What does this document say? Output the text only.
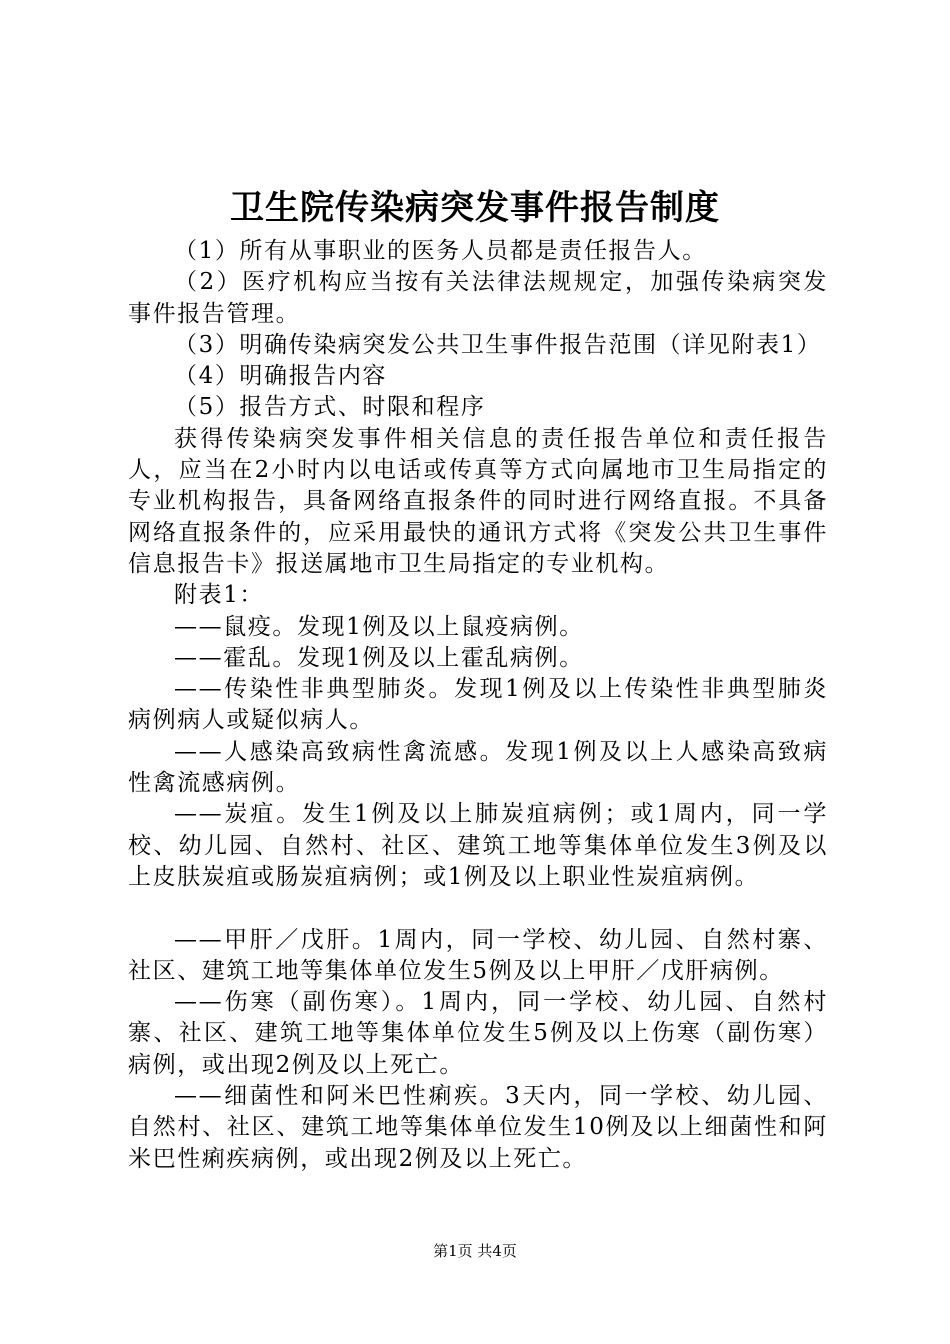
卫生院传染病突发事件报告制度

（1）所有从事职业的医务人员都是责任报告人。

（2）医疗机构应当按有关法律法规规定，加强传染病突发事件报告管理。

（3）明确传染病突发公共卫生事件报告范围（详见附表1）

（4）明确报告内容

（5）报告方式、时限和程序

获得传染病突发事件相关信息的责任报告单位和责任报告人，应当在2小时内以电话或传真等方式向属地市卫生局指定的专业机构报告，具备网络直报条件的同时进行网络直报。不具备网络直报条件的，应采用最快的通讯方式将《突发公共卫生事件信息报告卡》报送属地市卫生局指定的专业机构。

附表1：

——鼠疫。发现1例及以上鼠疫病例。

——霍乱。发现1例及以上霍乱病例。

——传染性非典型肺炎。发现1例及以上传染性非典型肺炎病例病人或疑似病人。

——人感染高致病性禽流感。发现1例及以上人感染高致病性禽流感病例。

——炭疽。发生1例及以上肺炭疽病例；或1周内，同一学校、幼儿园、自然村、社区、建筑工地等集体单位发生3例及以上皮肤炭疽或肠炭疽病例；或1例及以上职业性炭疽病例。

——甲肝／戊肝。1周内，同一学校、幼儿园、自然村寨、社区、建筑工地等集体单位发生5例及以上甲肝／戊肝病例。

——伤寒（副伤寒）。1周内，同一学校、幼儿园、自然村寨、社区、建筑工地等集体单位发生5例及以上伤寒（副伤寒）病例，或出现2例及以上死亡。

——细菌性和阿米巴性痢疾。3天内，同一学校、幼儿园、自然村、社区、建筑工地等集体单位发生10例及以上细菌性和阿米巴性痢疾病例，或出现2例及以上死亡。

第1页 共4页
